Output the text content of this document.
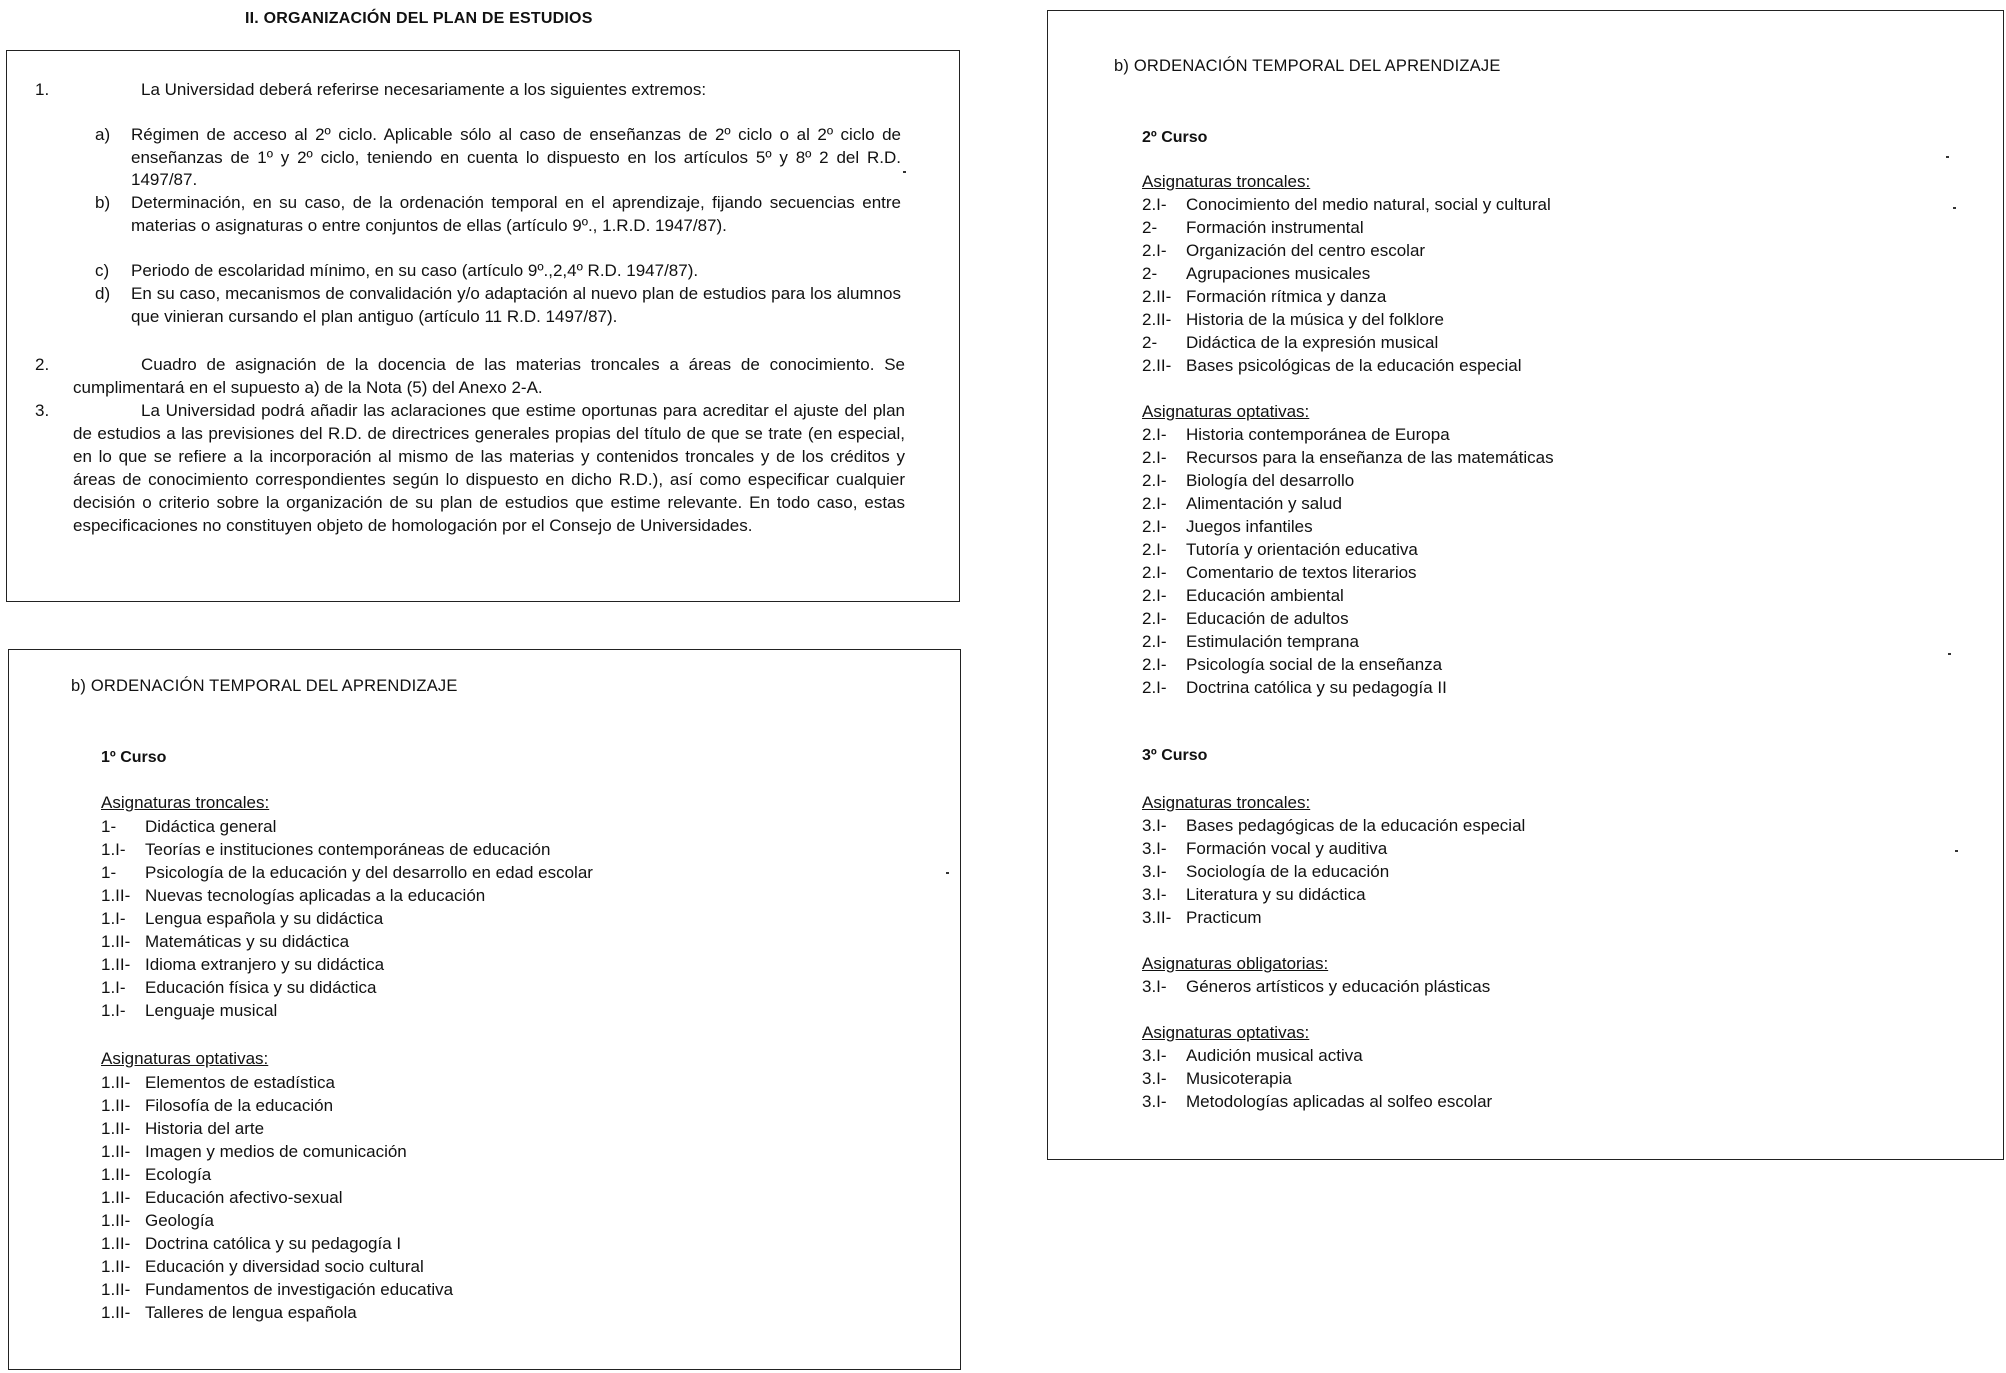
II. ORGANIZACIÓN DEL PLAN DE ESTUDIOS
1.	La Universidad deberá referirse necesariamente a los siguientes extremos:
a)	Régimen de acceso al 2º ciclo. Aplicable sólo al caso de enseñanzas de 2º ciclo o al 2º ciclo de enseñanzas de 1º y 2º ciclo, teniendo en cuenta lo dispuesto en los artículos 5º y 8º 2 del R.D. 1497/87.
b)	Determinación, en su caso, de la ordenación temporal en el aprendizaje, fijando secuencias entre materias o asignaturas o entre conjuntos de ellas (artículo 9º., 1.R.D. 1947/87).
c)	Periodo de escolaridad mínimo, en su caso (artículo 9º.,2,4º R.D. 1947/87).
d)	En su caso, mecanismos de convalidación y/o adaptación al nuevo plan de estudios para los alumnos que vinieran cursando el plan antiguo (artículo 11 R.D. 1497/87).
2.	Cuadro de asignación de la docencia de las materias troncales a áreas de conocimiento. Se cumplimentará en el supuesto a) de la Nota (5) del Anexo 2-A.
3.	La Universidad podrá añadir las aclaraciones que estime oportunas para acreditar el ajuste del plan de estudios a las previsiones del R.D. de directrices generales propias del título de que se trate (en especial, en lo que se refiere a la incorporación al mismo de las materias y contenidos troncales y de los créditos y áreas de conocimiento correspondientes según lo dispuesto en dicho R.D.), así como especificar cualquier decisión o criterio sobre la organización de su plan de estudios que estime relevante. En todo caso, estas especificaciones no constituyen objeto de homologación por el Consejo de Universidades.
b) ORDENACIÓN TEMPORAL DEL APRENDIZAJE
1º Curso
Asignaturas troncales:
1- Didáctica general
1.I- Teorías e instituciones contemporáneas de educación
1- Psicología de la educación y del desarrollo en edad escolar
1.II- Nuevas tecnologías aplicadas a la educación
1.I- Lengua española y su didáctica
1.II- Matemáticas y su didáctica
1.II- Idioma extranjero y su didáctica
1.I- Educación física y su didáctica
1.I- Lenguaje musical
Asignaturas optativas:
1.II- Elementos de estadística
1.II- Filosofía de la educación
1.II- Historia del arte
1.II- Imagen y medios de comunicación
1.II- Ecología
1.II- Educación afectivo-sexual
1.II- Geología
1.II- Doctrina católica y su pedagogía I
1.II- Educación y diversidad socio cultural
1.II- Fundamentos de investigación educativa
1.II- Talleres de lengua española
b) ORDENACIÓN TEMPORAL DEL APRENDIZAJE
2º Curso
Asignaturas troncales:
2.I- Conocimiento del medio natural, social y cultural
2- Formación instrumental
2.I- Organización del centro escolar
2- Agrupaciones musicales
2.II- Formación rítmica y danza
2.II- Historia de la música y del folklore
2- Didáctica de la expresión musical
2.II- Bases psicológicas de la educación especial
Asignaturas optativas:
2.I- Historia contemporánea de Europa
2.I- Recursos para la enseñanza de las matemáticas
2.I- Biología del desarrollo
2.I- Alimentación y salud
2.I- Juegos infantiles
2.I- Tutoría y orientación educativa
2.I- Comentario de textos literarios
2.I- Educación ambiental
2.I- Educación de adultos
2.I- Estimulación temprana
2.I- Psicología social de la enseñanza
2.I- Doctrina católica y su pedagogía II
3º Curso
Asignaturas troncales:
3.I- Bases pedagógicas de la educación especial
3.I- Formación vocal y auditiva
3.I- Sociología de la educación
3.I- Literatura y su didáctica
3.II- Practicum
Asignaturas obligatorias:
3.I- Géneros artísticos y educación plásticas
Asignaturas optativas:
3.I- Audición musical activa
3.I- Musicoterapia
3.I- Metodologías aplicadas al solfeo escolar
